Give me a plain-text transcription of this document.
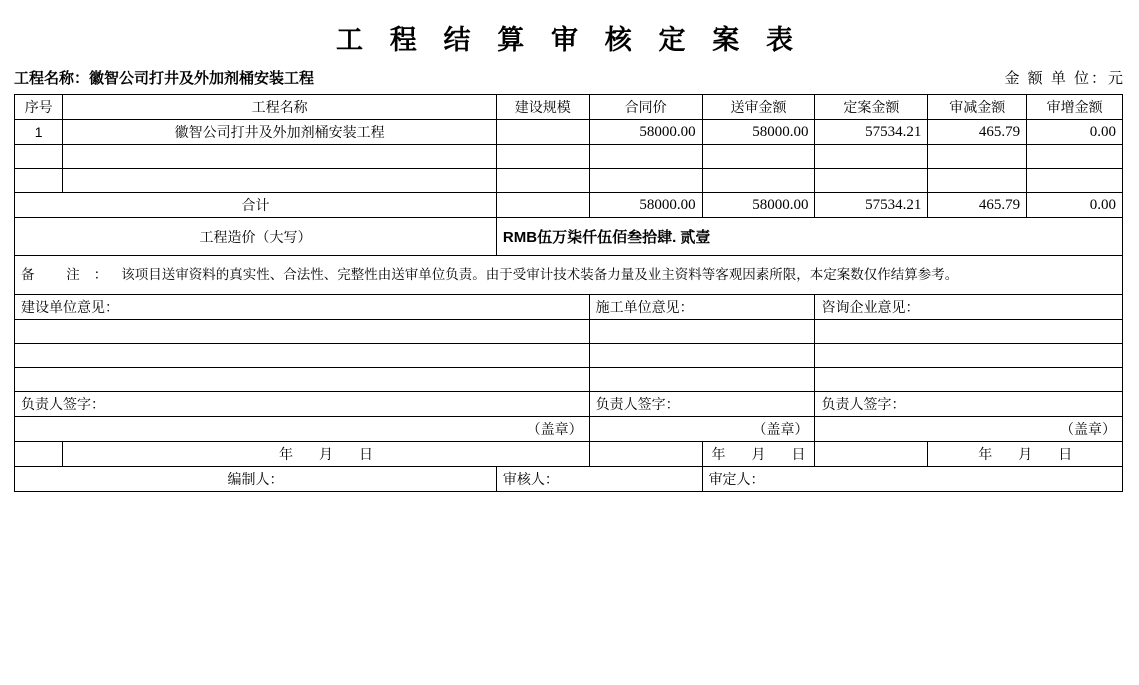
工 程 结 算 审 核 定 案 表
工程名称：徽智公司打井及外加剂桶安装工程	金 额 单 位：元
序号	工程名称	建设规模	合同价	送审金额	定案金额	审减金额	审增金额
1	徽智公司打井及外加剂桶安装工程		58000.00	58000.00	57534.21	465.79	0.00

合计			58000.00	58000.00	57534.21	465.79	0.00
工程造价（大写）		RMB伍万柒仟伍佰叁拾肆. 贰壹					
备 注：该项目送审资料的真实性、合法性、完整性由送审单位负责。由于受审计技术装备力量及业主资料等客观因素所限，本定案数仅作结算参考。							
建设单位意见：			施工单位意见：		咨询企业意见：		

负责人签字：			负责人签字：		负责人签字：		
（盖章）			（盖章）		（盖章）		
	年 月 日			年 月 日		年 月 日	
编制人：		审核人：		审定人：			
